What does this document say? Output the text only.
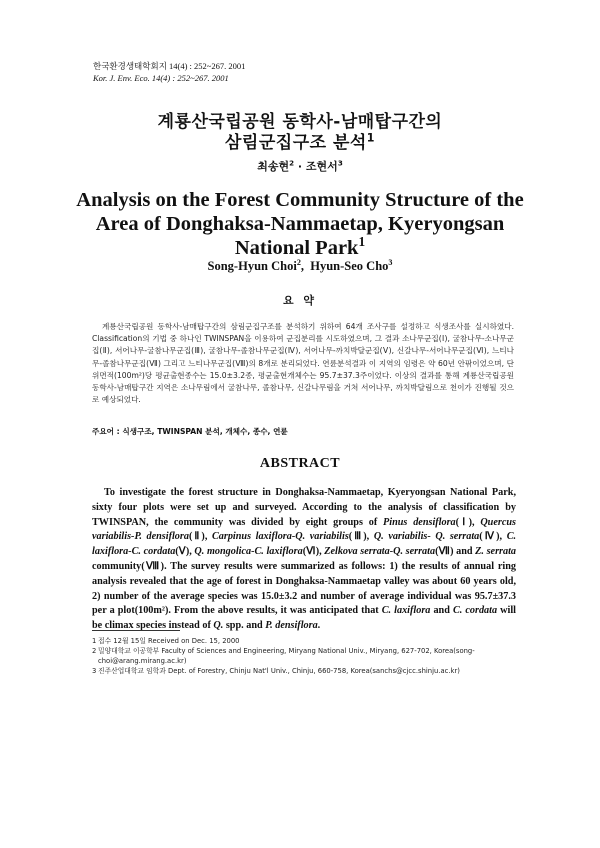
한국환경생태학회지 14(4) : 252~267. 2001
Kor. J. Env. Eco. 14(4) : 252~267. 2001
계룡산국립공원 동학사-남매탑구간의
삼림군집구조 분석$^1$
최송현$^2$ · 조현서$^3$
Analysis on the Forest Community Structure of the
Area of Donghaksa-Nammaetap, Kyeryongsan
National Park$^1$
Song-Hyun Choi$^2$,  Hyun-Seo Cho$^3$
요 약
계룡산국립공원 동학사-남매탑구간의 삼림군집구조를 분석하기 위하여 64개 조사구를 설정하고 식생조사를 실시하였다. Classification의 기법 중 하나인 TWINSPAN을 이용하여 군집분리를 시도하였으며, 그 결과 소나무군집(Ⅰ), 굴참나무-소나무군집(Ⅱ), 서어나무-굴참나무군집(Ⅲ), 굴참나무-졸참나무군집(Ⅳ), 서어나무-까치박달군집(Ⅴ), 신갈나무-서어나무군집(Ⅵ), 느티나무-졸참나무군집(Ⅶ) 그리고 느티나무군집(Ⅷ)의 8개로 분리되었다. 연륜분석결과 이 지역의 임령은 약 60년 안팎이었으며, 단위면적(100m²)당 평균출현종수는 15.0±3.2종, 평균출현개체수는 95.7±37.3주이었다. 이상의 결과를 통해 계룡산국립공원 동학사-남매탑구간 지역은 소나무림에서 굴참나무, 졸참나무, 신갈나무림을 거쳐 서어나무, 까치박달림으로 천이가 진행될 것으로 예상되었다.
주요어 : 식생구조, TWINSPAN 분석, 개체수, 종수, 연륜
ABSTRACT
To investigate the forest structure in Donghaksa-Nammaetap, Kyeryongsan National Park, sixty four plots were set up and surveyed. According to the analysis of classification by TWINSPAN, the community was divided by eight groups of Pinus densiflora(Ⅰ), Quercus variabilis-P. densiflora(Ⅱ), Carpinus laxiflora-Q. variabilis(Ⅲ), Q. variabilis- Q. serrata(Ⅳ), C. laxiflora-C. cordata(Ⅴ), Q. mongolica-C. laxiflora(Ⅵ), Zelkova serrata-Q. serrata(Ⅶ) and Z. serrata community(Ⅷ). The survey results were summarized as follows: 1) the results of annual ring analysis revealed that the age of forest in Donghaksa-Nammaetap valley was about 60 years old, 2) number of the average species was 15.0±3.2 and number of average individual was 95.7±37.3 per a plot(100m²). From the above results, it was anticipated that C. laxiflora and C. cordata will be climax species instead of Q. spp. and P. densiflora.
1 접수 12월 15일 Received on Dec. 15, 2000
2 밀양대학교 이공학부 Faculty of Sciences and Engineering, Miryang National Univ., Miryang, 627-702, Korea(song-choi@arang.mirang.ac.kr)
3 진주산업대학교 임학과 Dept. of Forestry, Chinju Nat'l Univ., Chinju, 660-758, Korea(sanchs@cjcc.shinju.ac.kr)
